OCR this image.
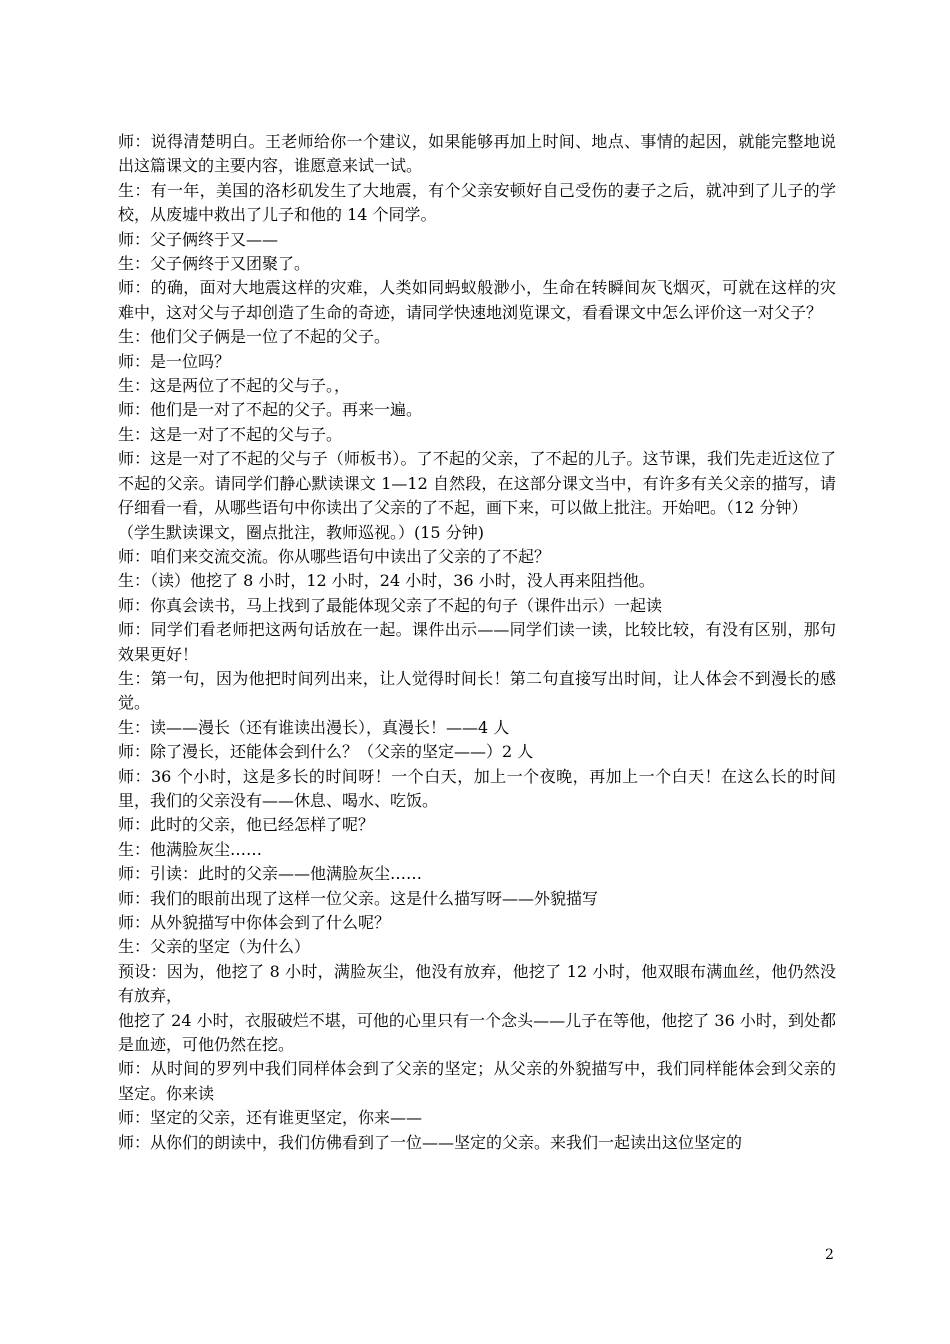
师：说得清楚明白。王老师给你一个建议，如果能够再加上时间、地点、事情的起因，就能完整地说出这篇课文的主要内容，谁愿意来试一试。

生：有一年，美国的洛杉矶发生了大地震，有个父亲安顿好自己受伤的妻子之后，就冲到了儿子的学校，从废墟中救出了儿子和他的 14 个同学。

师：父子俩终于又——

生：父子俩终于又团聚了。

师：的确，面对大地震这样的灾难，人类如同蚂蚁般渺小，生命在转瞬间灰飞烟灭，可就在这样的灾难中，这对父与子却创造了生命的奇迹，请同学快速地浏览课文，看看课文中怎么评价这一对父子？

生：他们父子俩是一位了不起的父子。

师：是一位吗？

生：这是两位了不起的父与子。，

师：他们是一对了不起的父子。再来一遍。

生：这是一对了不起的父与子。

师：这是一对了不起的父与子（师板书）。了不起的父亲，了不起的儿子。这节课，我们先走近这位了不起的父亲。请同学们静心默读课文 1—12 自然段，在这部分课文当中，有许多有关父亲的描写，请仔细看一看，从哪些语句中你读出了父亲的了不起，画下来，可以做上批注。开始吧。（12 分钟）

（学生默读课文，圈点批注，教师巡视。）(15 分钟)

师：咱们来交流交流。你从哪些语句中读出了父亲的了不起？

生：（读）他挖了 8 小时，12 小时，24 小时，36 小时，没人再来阻挡他。

师：你真会读书，马上找到了最能体现父亲了不起的句子（课件出示）一起读

师：同学们看老师把这两句话放在一起。课件出示——同学们读一读，比较比较，有没有区别，那句效果更好！

生：第一句，因为他把时间列出来，让人觉得时间长！第二句直接写出时间，让人体会不到漫长的感觉。

生：读——漫长（还有谁读出漫长），真漫长！——4 人

师：除了漫长，还能体会到什么？（父亲的坚定——）2 人

师：36 个小时，这是多长的时间呀！一个白天，加上一个夜晚，再加上一个白天！在这么长的时间里，我们的父亲没有——休息、喝水、吃饭。

师：此时的父亲，他已经怎样了呢？

生：他满脸灰尘……

师：引读：此时的父亲——他满脸灰尘……

师：我们的眼前出现了这样一位父亲。这是什么描写呀——外貌描写

师：从外貌描写中你体会到了什么呢？

生：父亲的坚定（为什么）

预设：因为，他挖了 8 小时，满脸灰尘，他没有放弃，他挖了 12 小时，他双眼布满血丝，他仍然没有放弃，

他挖了 24 小时，衣服破烂不堪，可他的心里只有一个念头——儿子在等他，他挖了 36 小时，到处都是血迹，可他仍然在挖。

师：从时间的罗列中我们同样体会到了父亲的坚定；从父亲的外貌描写中，我们同样能体会到父亲的坚定。你来读

师：坚定的父亲，还有谁更坚定，你来——

师：从你们的朗读中，我们仿佛看到了一位——坚定的父亲。来我们一起读出这位坚定的

2
